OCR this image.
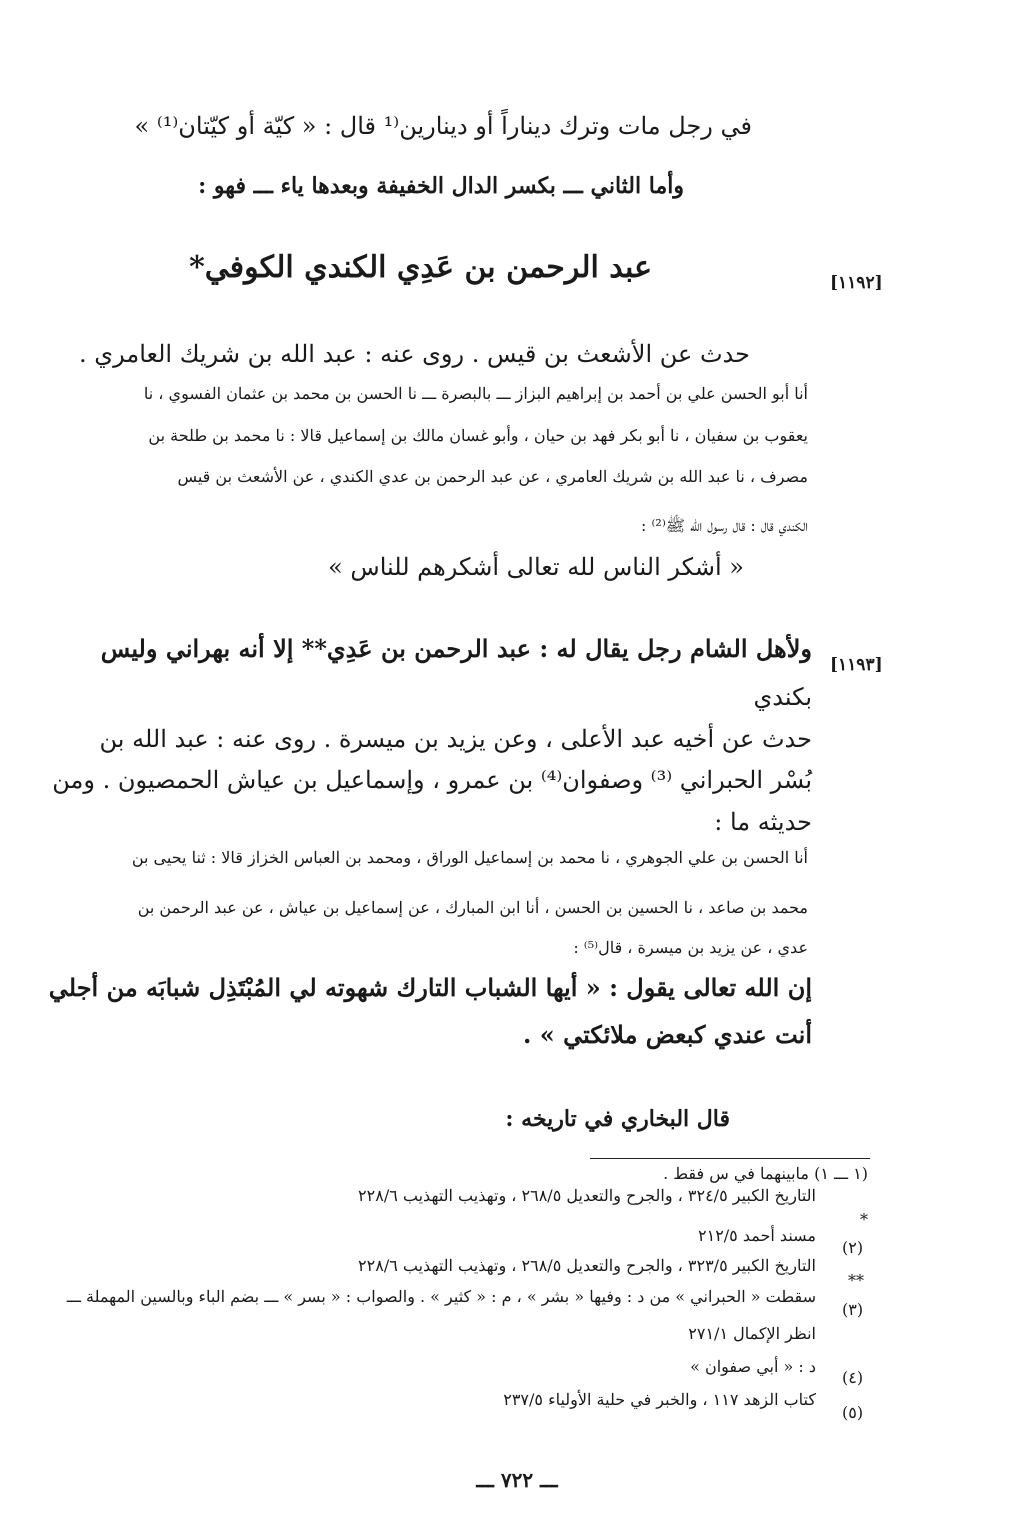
في رجل مات وترك ديناراً أو دينارين⁽¹ قال : « كيّة أو كيّتان⁽¹⁾ »
وأما الثاني ـــ بكسر الدال الخفيفة وبعدها ياء ـــ فهو :
[١١٩٢]
عبد الرحمن بن عَدِي الكندي الكوفي*
حدث عن الأشعث بن قيس . روى عنه : عبد الله بن شريك العامري .
أنا أبو الحسن علي بن أحمد بن إبراهيم البزاز ـــ بالبصرة ـــ نا الحسن بن محمد بن عثمان الفسوي ، نا
يعقوب بن سفيان ، نا أبو بكر فهد بن حيان ، وأبو غسان مالك بن إسماعيل قالا : نا محمد بن طلحة بن
مصرف ، نا عبد الله بن شريك العامري ، عن عبد الرحمن بن عدي الكندي ، عن الأشعث بن قيس
الكندي قال : قال رسول الله ﷺ⁽²⁾ :
« أشكر الناس لله تعالى أشكرهم للناس »
[١١٩٣]
ولأهل الشام رجل يقال له : عبد الرحمن بن عَدِي** إلا أنه بهراني وليس
بكندي
حدث عن أخيه عبد الأعلى ، وعن يزيد بن ميسرة . روى عنه : عبد الله بن
بُسْر الحبراني ⁽³⁾ وصفوان⁽⁴⁾ بن عمرو ، وإسماعيل بن عياش الحمصيون . ومن
حديثه ما :
أنا الحسن بن علي الجوهري ، نا محمد بن إسماعيل الوراق ، ومحمد بن العباس الخزاز قالا : ثنا يحيى بن
محمد بن صاعد ، نا الحسين بن الحسن ، أنا ابن المبارك ، عن إسماعيل بن عياش ، عن عبد الرحمن بن
عدي ، عن يزيد بن ميسرة ، قال⁽⁵⁾ :
إن الله تعالى يقول : « أيها الشباب التارك شهوته لي المُبْتَذِل شبابَه من أجلي
أنت عندي كبعض ملائكتي » .
قال البخاري في تاريخه :
(١ ـــ ١) مابينهما في س فقط .
*
التاريخ الكبير ٣٢٤/٥ ، والجرح والتعديل ٢٦٨/٥ ، وتهذيب التهذيب ٢٢٨/٦
(٢)
مسند أحمد ٢١٢/٥
**
التاريخ الكبير ٣٢٣/٥ ، والجرح والتعديل ٢٦٨/٥ ، وتهذيب التهذيب ٢٢٨/٦
(٣)
سقطت « الحبراني » من د : وفيها « بشر » ، م : « كثير » . والصواب : « بسر » ـــ بضم الباء وبالسين المهملة ـــ
انظر الإكمال ٢٧١/١
(٤)
د : « أبي صفوان »
(٥)
كتاب الزهد ١١٧ ، والخبر في حلية الأولياء ٢٣٧/٥
ـــ ٧٢٢ ـــ
